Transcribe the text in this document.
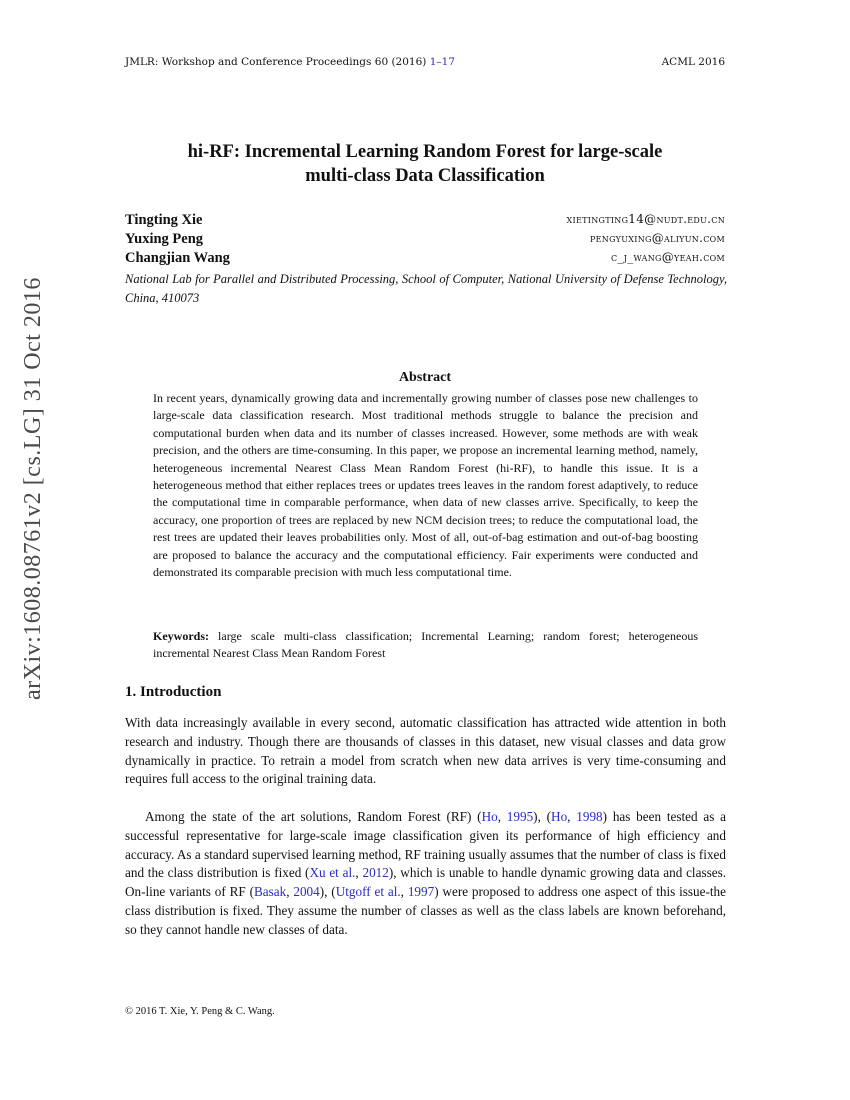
JMLR: Workshop and Conference Proceedings 60 (2016) 1–17	ACML 2016
arXiv:1608.08761v2 [cs.LG] 31 Oct 2016
hi-RF: Incremental Learning Random Forest for large-scale
multi-class Data Classification
Tingting Xie	xietingting14@nudt.edu.cn
Yuxing Peng	pengyuxing@aliyun.com
Changjian Wang	c_j_wang@yeah.com
National Lab for Parallel and Distributed Processing, School of Computer, National University of Defense Technology, China, 410073
Abstract

In recent years, dynamically growing data and incrementally growing number of classes pose new challenges to large-scale data classification research. Most traditional methods struggle to balance the precision and computational burden when data and its number of classes increased. However, some methods are with weak precision, and the others are time-consuming. In this paper, we propose an incremental learning method, namely, heterogeneous incremental Nearest Class Mean Random Forest (hi-RF), to handle this issue. It is a heterogeneous method that either replaces trees or updates trees leaves in the random forest adaptively, to reduce the computational time in comparable performance, when data of new classes arrive. Specifically, to keep the accuracy, one proportion of trees are replaced by new NCM decision trees; to reduce the computational load, the rest trees are updated their leaves probabilities only. Most of all, out-of-bag estimation and out-of-bag boosting are proposed to balance the accuracy and the computational efficiency. Fair experiments were conducted and demonstrated its comparable precision with much less computational time.

Keywords: large scale multi-class classification; Incremental Learning; random forest; heterogeneous incremental Nearest Class Mean Random Forest

1. Introduction

With data increasingly available in every second, automatic classification has attracted wide attention in both research and industry. Though there are thousands of classes in this dataset, new visual classes and data grow dynamically in practice. To retrain a model from scratch when new data arrives is very time-consuming and requires full access to the original training data.

Among the state of the art solutions, Random Forest (RF) (Ho, 1995), (Ho, 1998) has been tested as a successful representative for large-scale image classification given its performance of high efficiency and accuracy. As a standard supervised learning method, RF training usually assumes that the number of class is fixed and the class distribution is fixed (Xu et al., 2012), which is unable to handle dynamic growing data and classes. On-line variants of RF (Basak, 2004), (Utgoff et al., 1997) were proposed to address one aspect of this issue-the class distribution is fixed. They assume the number of classes as well as the class labels are known beforehand, so they cannot handle new classes of data.

© 2016 T. Xie, Y. Peng & C. Wang.
